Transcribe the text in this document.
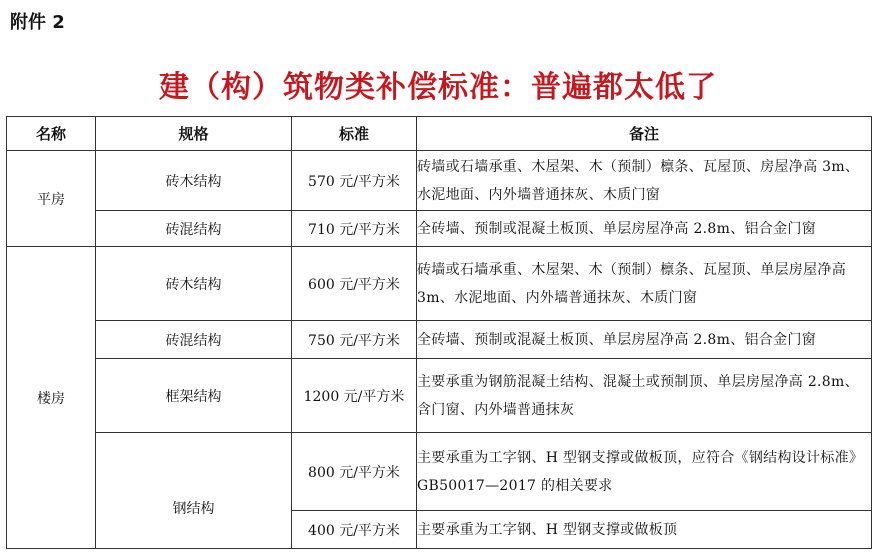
附件 2
建（构）筑物类补偿标准：普遍都太低了
名称	规格	标准	备注
平房	砖木结构	570 元/平方米	砖墙或石墙承重、木屋架、木（预制）檩条、瓦屋顶、房屋净高 3m、水泥地面、内外墙普通抹灰、木质门窗
	砖混结构	710 元/平方米	全砖墙、预制或混凝土板顶、单层房屋净高 2.8m、铝合金门窗
楼房	砖木结构	600 元/平方米	砖墙或石墙承重、木屋架、木（预制）檩条、瓦屋顶、单层房屋净高 3m、水泥地面、内外墙普通抹灰、木质门窗
	砖混结构	750 元/平方米	全砖墙、预制或混凝土板顶、单层房屋净高 2.8m、铝合金门窗
	框架结构	1200 元/平方米	主要承重为钢筋混凝土结构、混凝土或预制顶、单层房屋净高 2.8m、含门窗、内外墙普通抹灰
	钢结构	800 元/平方米	主要承重为工字钢、H 型钢支撑或做板顶，应符合《钢结构设计标准》GB50017—2017 的相关要求
		400 元/平方米	主要承重为工字钢、H 型钢支撑或做板顶
